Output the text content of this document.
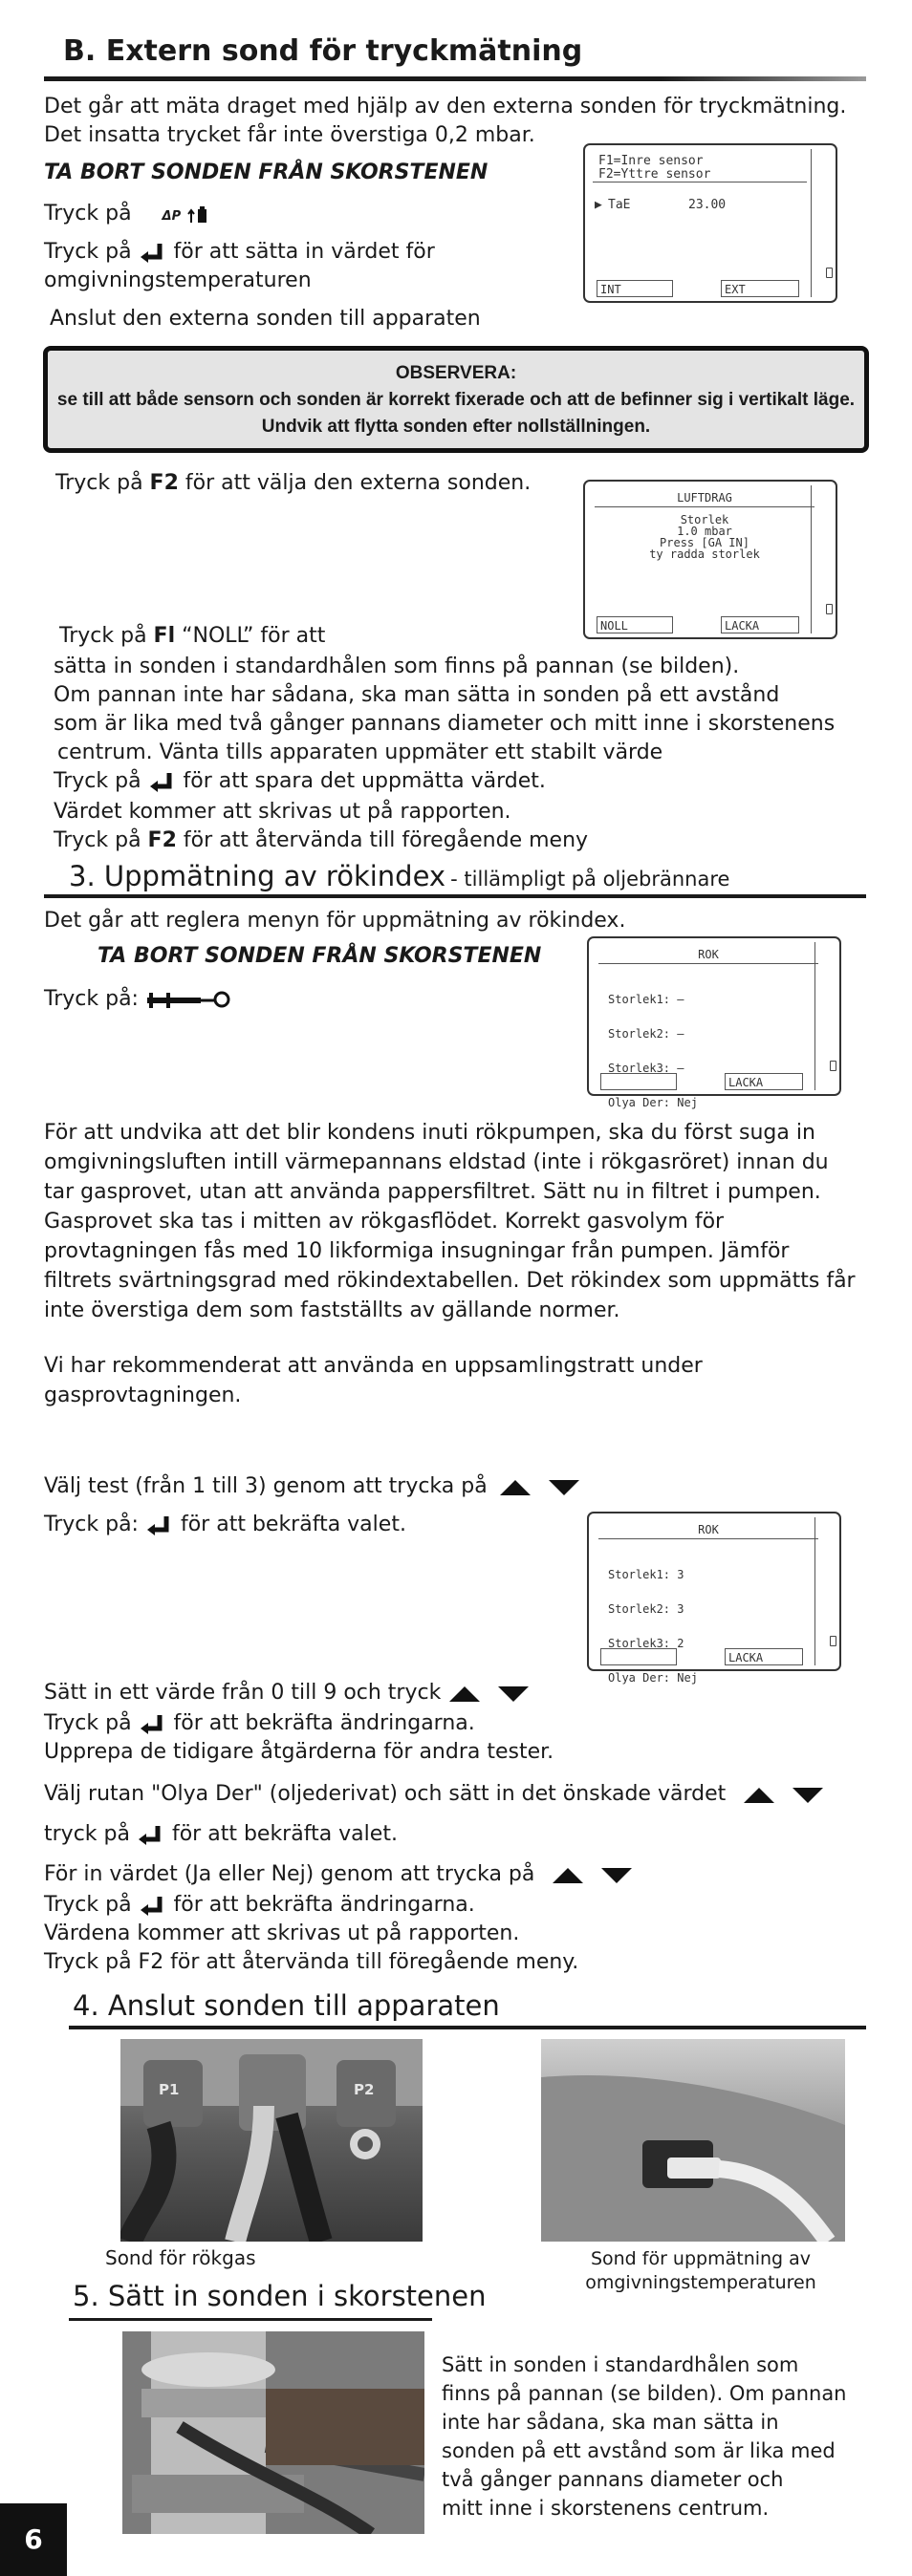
B. Extern sond för tryckmätning
Det går att mäta draget med hjälp av den externa sonden för tryckmätning.
Det insatta trycket får inte överstiga 0,2 mbar.
TA BORT SONDEN FRÅN SKORSTENEN
Tryck på ΔP
Tryck på för att sätta in värdet för
omgivningstemperaturen
Anslut den externa sonden till apparaten
F1=Inre sensor
F2=Yttre sensor
▶ TaE	23.00
INT	EXT
OBSERVERA:
se till att både sensorn och sonden är korrekt fixerade och att de befinner sig i vertikalt läge.
Undvik att flytta sonden efter nollställningen.
Tryck på F2 för att välja den externa sonden.
LUFTDRAG
Storlek
1.0 mbar
Press [GA IN]
ty radda storlek
NOLL	LACKA
Tryck på Fl “NOLL” för att
sätta in sonden i standardhålen som finns på pannan (se bilden).
Om pannan inte har sådana, ska man sätta in sonden på ett avstånd
som är lika med två gånger pannans diameter och mitt inne i skorstenens
centrum. Vänta tills apparaten uppmäter ett stabilt värde
Tryck på för att spara det uppmätta värdet.
Värdet kommer att skrivas ut på rapporten.
Tryck på F2 för att återvända till föregående meny
3. Uppmätning av rökindex - tillämpligt på oljebrännare
Det går att reglera menyn för uppmätning av rökindex.
TA BORT SONDEN FRÅN SKORSTENEN
Tryck på:
ROK

Storlek1: –

Storlek2: –

Storlek3: –

Olya Der: Nej

LACKA
För att undvika att det blir kondens inuti rökpumpen, ska du först suga in
omgivningsluften intill värmepannans eldstad (inte i rökgasröret) innan du
tar gasprovet, utan att använda pappersfiltret. Sätt nu in filtret i pumpen.
Gasprovet ska tas i mitten av rökgasflödet. Korrekt gasvolym för
provtagningen fås med 10 likformiga insugningar från pumpen. Jämför
filtrets svärtningsgrad med rökindextabellen. Det rökindex som uppmätts får
inte överstiga dem som fastställts av gällande normer.
Vi har rekommenderat att använda en uppsamlingstratt under
gasprovtagningen.
Välj test (från 1 till 3) genom att trycka på
Tryck på: för att bekräfta valet.	ROK

Storlek1: 3

Storlek2: 3

Storlek3: 2

Olya Der: Nej

LACKA
Sätt in ett värde från 0 till 9 och tryck
Tryck på för att bekräfta ändringarna.
Upprepa de tidigare åtgärderna för andra tester.
Välj rutan "Olya Der" (oljederivat) och sätt in det önskade värdet
tryck på för att bekräfta valet.
För in värdet (Ja eller Nej) genom att trycka på
Tryck på för att bekräfta ändringarna.
Värdena kommer att skrivas ut på rapporten.
Tryck på F2 för att återvända till föregående meny.
4. Anslut sonden till apparaten
P1	P2
Sond för rökgas	Sond för uppmätning av
omgivningstemperaturen
5. Sätt in sonden i skorstenen
Sätt in sonden i standardhålen som
finns på pannan (se bilden). Om pannan
inte har sådana, ska man sätta in
sonden på ett avstånd som är lika med
två gånger pannans diameter och
mitt inne i skorstenens centrum.
6
